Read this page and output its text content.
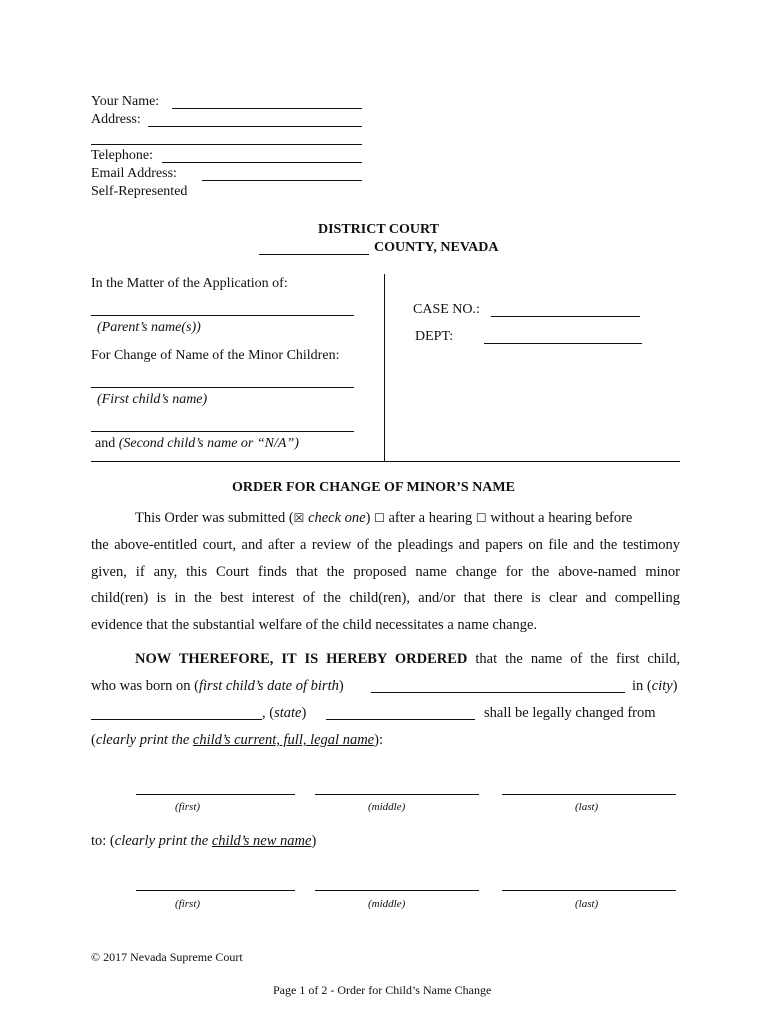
Your Name:
Address:
Telephone:
Email Address:
Self-Represented
DISTRICT COURT
COUNTY, NEVADA
In the Matter of the Application of:
(Parent’s name(s))
For Change of Name of the Minor Children:
(First child’s name)
and (Second child’s name or “N/A”)
CASE NO.:
DEPT:
ORDER FOR CHANGE OF MINOR’S NAME
This Order was submitted (☒ check one) ☐ after a hearing ☐ without a hearing before
the above-entitled court, and after a review of the pleadings and papers on file and the testimony
given, if any, this Court finds that the proposed name change for the above-named minor
child(ren) is in the best interest of the child(ren), and/or that there is clear and compelling
evidence that the substantial welfare of the child necessitates a name change.
NOW THEREFORE, IT IS HEREBY ORDERED that the name of the first child,
who was born on (first child’s date of birth)	in (city)
, (state)	shall be legally changed from
(clearly print the child’s current, full, legal name):
(first)	(middle)	(last)
to: (clearly print the child’s new name)
(first)	(middle)	(last)
© 2017 Nevada Supreme Court
Page 1 of 2 - Order for Child’s Name Change
